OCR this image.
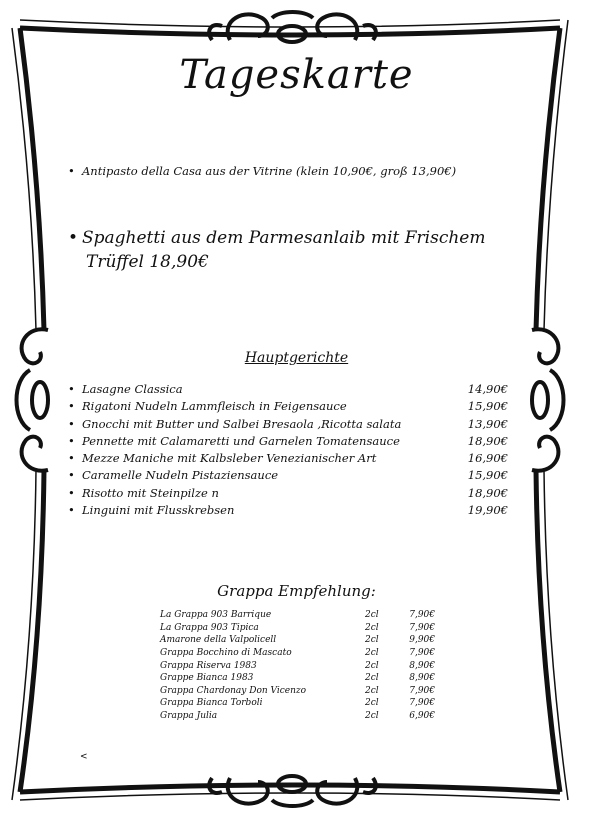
Tageskarte
• Antipasto della Casa aus der Vitrine (klein 10,90€, groß 13,90€)
• Spaghetti aus dem Parmesanlaib mit Frischem
Trüffel 18,90€
Hauptgerichte
• Lasagne Classica	14,90€
• Rigatoni Nudeln Lammfleisch in Feigensauce	15,90€
• Gnocchi mit Butter und Salbei Bresaola ,Ricotta salata	13,90€
• Pennette mit Calamaretti und Garnelen Tomatensauce	18,90€
• Mezze Maniche mit Kalbsleber Venezianischer Art	16,90€
• Caramelle Nudeln Pistaziensauce	15,90€
• Risotto mit Steinpilze n	18,90€
• Linguini mit Flusskrebsen	19,90€
Grappa Empfehlung:
La Grappa 903 Barrique	2cl	7,90€
La Grappa 903 Tipica	2cl	7,90€
Amarone della Valpolicell	2cl	9,90€
Grappa Bocchino di Mascato	2cl	7,90€
Grappa Riserva 1983	2cl	8,90€
Grappe Bianca 1983	2cl	8,90€
Grappa Chardonay Don Vicenzo	2cl	7,90€
Grappa Bianca Torboli	2cl	7,90€
Grappa Julia	2cl	6,90€
<
